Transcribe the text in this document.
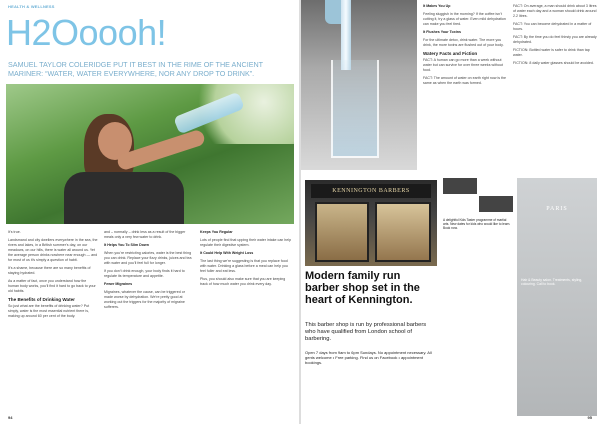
HEALTH & WELLNESS
H2Ooooh!
SAMUEL TAYLOR COLERIDGE PUT IT BEST IN THE RIME OF THE ANCIENT MARINER: “WATER, WATER EVERYWHERE, NOR ANY DROP TO DRINK”.

It’s true.

Landsmand and city dwellers everywhere in the sea, the rivers and lakes, in a British summer’s day, on our meadows, on our hills, there is water all around us. Yet the average person drinks nowhere near enough — and for most of us it’s simply a question of habit.

It’s a shame, because there are so many benefits of staying hydrated.

As a matter of fact, once you understand how the human body works, you’ll find it hard to go back to your old habits.

The Benefits of Drinking Water

So just what are the benefits of drinking water? Put simply, water is the most essential nutrient there is, making up around 60 per cent of the body.

and – normally – drink less as a result of the bigger meals only a very few water to drink.

It Helps You To Slim Down

When you’re restricting calories, water is the best thing you can drink. Replace your fizzy drinks, juices and tea with water and you’ll feel full for longer.

If you don’t drink enough, your body finds it hard to regulate its temperature and appetite.

Fewer Migraines

Migraines, whatever the cause, can be triggered or made worse by dehydration. We’re pretty good at working out the triggers for the majority of migraine sufferers.

Keeps You Regular

Lots of people find that upping their water intake can help regulate their digestive system.

It Could Help With Weight Loss

The last thing we’re suggesting is that you replace food with water. Drinking a glass before a meal can help you feel fuller and eat less.

Plus, you should also make sure that you are keeping track of how much water you drink every day.

94

It Makes You Up

Feeling sluggish in the morning? If the coffee isn’t cutting it, try a glass of water. Even mild dehydration can make you feel tired.

It Flushes Your Toxins

For the ultimate detox, drink water. The more you drink, the more toxins are flushed out of your body.

Watery Facts and Fiction

FACT: A human can go more than a week without water but can survive for over three weeks without food.

FACT: The amount of water on earth right now is the same as when the earth was formed.

FACT: On average, a man should drink about 3 litres of water each day and a woman should drink around 2.2 litres.

FACT: You can become dehydrated in a matter of hours.

FACT: By the time you do feel thirsty you are already dehydrated.

FICTION: Bottled water is safer to drink than tap water.

FICTION: 8 daily water glasses should be avoided.

KENNINGTON BARBERS
Modern family run barber shop set in the heart of Kennington.
This barber shop is run by professional barbers who have qualified from London school of barbering.
Open 7 days from 9am to 6pm Sundays. No appointment necessary. All gents welcome • Free parking. Find us on Facebook • appointment bookings.
A delightful Kids Taster programme of martial arts. New dates for kids who would like to learn. Book now.
PARIS
Hair & Beauty salon. Treatments, styling, colouring. Call to book.
95
